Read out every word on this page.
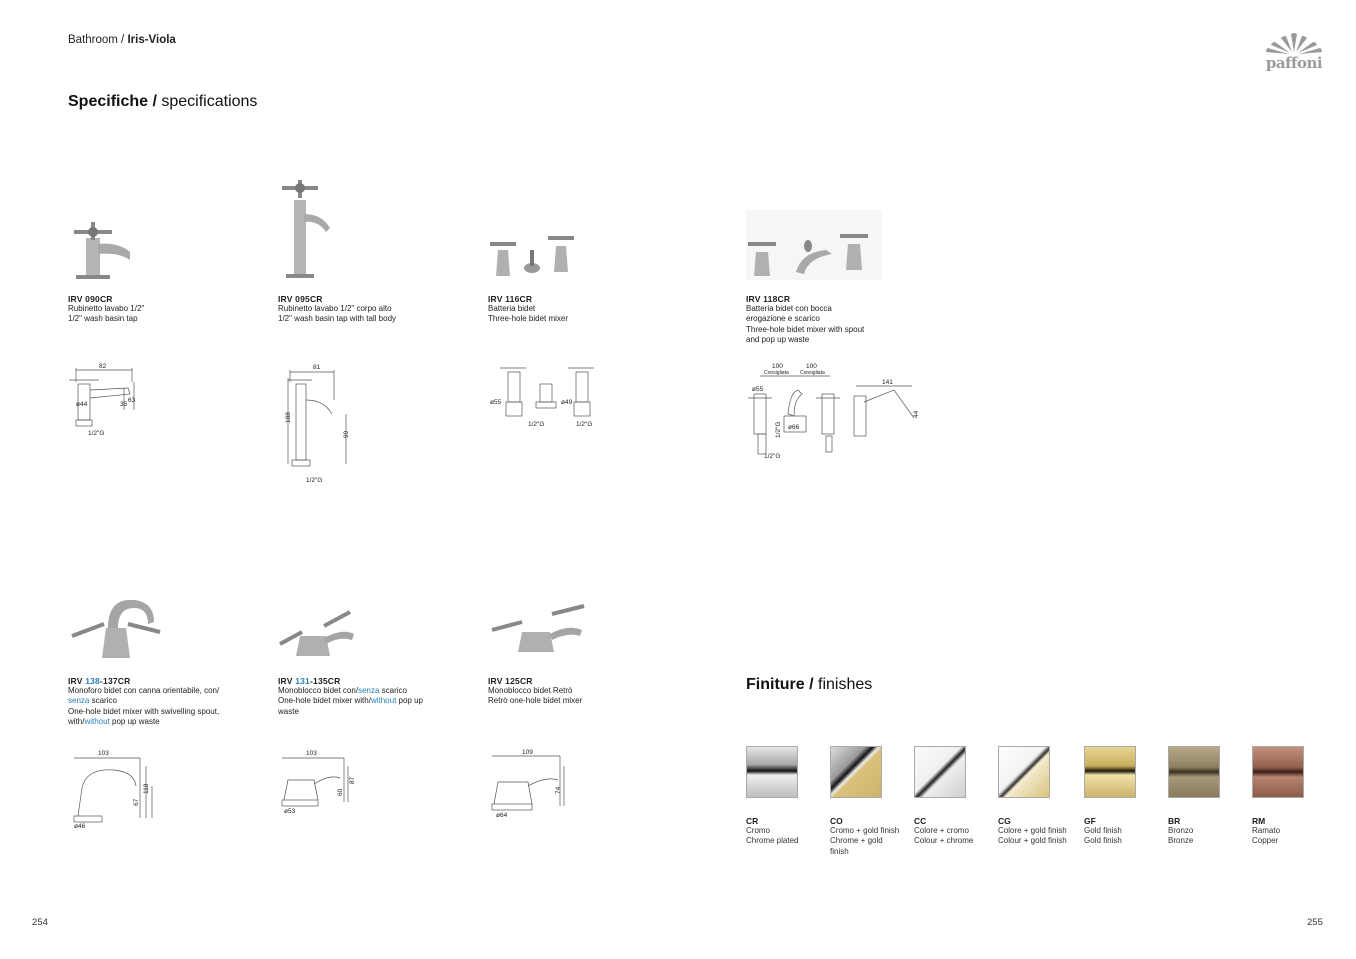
Bathroom / Iris-Viola
paffoni
Specifiche / specifications
IRV 090CR
Rubinetto lavabo 1/2"
1/2" wash basin tap
82
ø44	35
63
1/2"G
IRV 095CR
Rubinetto lavabo 1/2" corpo alto
1/2" wash basin tap with tall body
81
188
99
1/2"G
IRV 116CR
Batteria bidet
Three-hole bidet mixer
ø55	ø49
1/2"G	1/2"G
IRV 118CR
Batteria bidet con bocca
erogazione e scarico
Three-hole bidet mixer with spout
and pop up waste
100
Consigliata
100
Consigliata
ø55
ø66
1/2"G
1/2"G
141
44
IRV 138-137CR
Monoforo bidet con canna orientabile, con/
senza scarico
One-hole bidet mixer with swivelling spout,
with/without pop up waste
103
67
118
ø46
IRV 131-135CR
Monoblocco bidet con/senza scarico
One-hole bidet mixer with/without pop up
waste
103
60
87
ø53
IRV 125CR
Monoblocco bidet Retrò
Retrò one-hole bidet mixer
109
74
ø64
Finiture / finishes
CR
Cromo
Chrome plated
CO
Cromo + gold finish
Chrome + gold finish
CC
Colore + cromo
Colour + chrome
CG
Colore + gold finish
Colour + gold finish
GF
Gold finish
Gold finish
BR
Bronzo
Bronze
RM
Ramato
Copper
254	255
